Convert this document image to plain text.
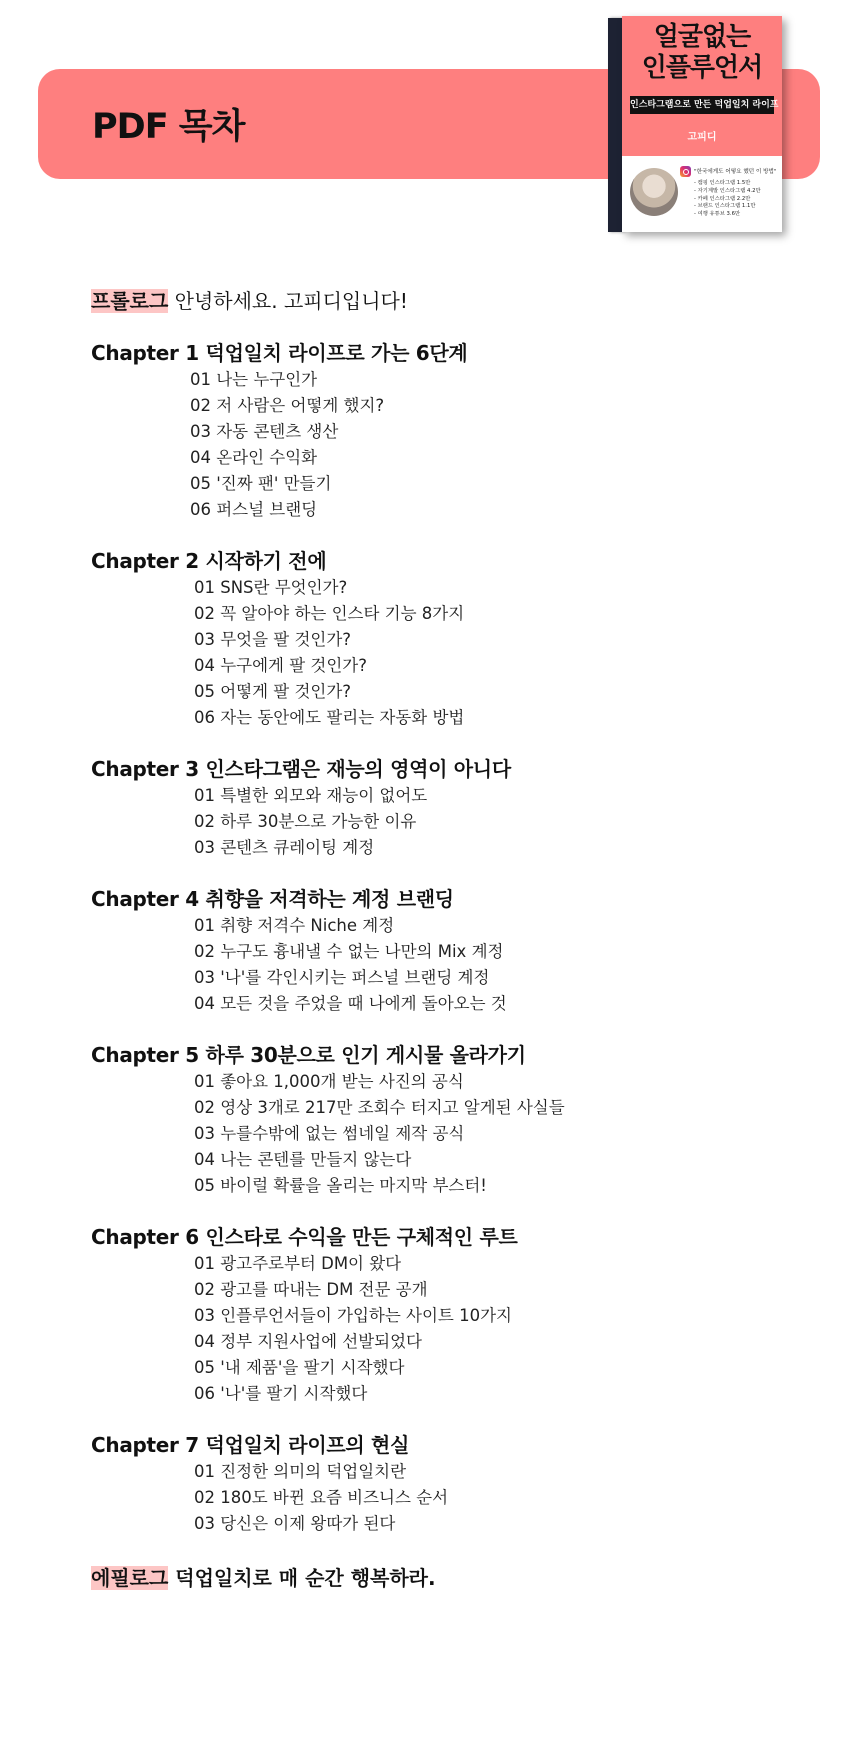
PDF 목차
얼굴없는
인플루언서
인스타그램으로 만든 덕업일치 라이프
고피디
"한국에게도 어떻요 했던 이 방법"
- 캠핑 인스타그램 1.5만
- 자기계발 인스타그램 4.2만
- 카페 인스타그램 2.2만
- 브랜드 인스타그램 1.1만
- 여행 유튜브 3.6만
프롤로그 안녕하세요. 고피디입니다!
Chapter 1 덕업일치 라이프로 가는 6단계
01 나는 누구인가
02 저 사람은 어떻게 했지?
03 자동 콘텐츠 생산
04 온라인 수익화
05 '진짜 팬' 만들기
06 퍼스널 브랜딩
Chapter 2 시작하기 전에
01 SNS란 무엇인가?
02 꼭 알아야 하는 인스타 기능 8가지
03 무엇을 팔 것인가?
04 누구에게 팔 것인가?
05 어떻게 팔 것인가?
06 자는 동안에도 팔리는 자동화 방법
Chapter 3 인스타그램은 재능의 영역이 아니다
01 특별한 외모와 재능이 없어도
02 하루 30분으로 가능한 이유
03 콘텐츠 큐레이팅 계정
Chapter 4 취향을 저격하는 계정 브랜딩
01 취향 저격수 Niche 계정
02 누구도 흉내낼 수 없는 나만의 Mix 계정
03 '나'를 각인시키는 퍼스널 브랜딩 계정
04 모든 것을 주었을 때 나에게 돌아오는 것
Chapter 5 하루 30분으로 인기 게시물 올라가기
01 좋아요 1,000개 받는 사진의 공식
02 영상 3개로 217만 조회수 터지고 알게된 사실들
03 누를수밖에 없는 썸네일 제작 공식
04 나는 콘텐를 만들지 않는다
05 바이럴 확률을 올리는 마지막 부스터!
Chapter 6 인스타로 수익을 만든 구체적인 루트
01 광고주로부터 DM이 왔다
02 광고를 따내는 DM 전문 공개
03 인플루언서들이 가입하는 사이트 10가지
04 정부 지원사업에 선발되었다
05 '내 제품'을 팔기 시작했다
06 '나'를 팔기 시작했다
Chapter 7 덕업일치 라이프의 현실
01 진정한 의미의 덕업일치란
02 180도 바뀐 요즘 비즈니스 순서
03 당신은 이제 왕따가 된다
에필로그 덕업일치로 매 순간 행복하라.
